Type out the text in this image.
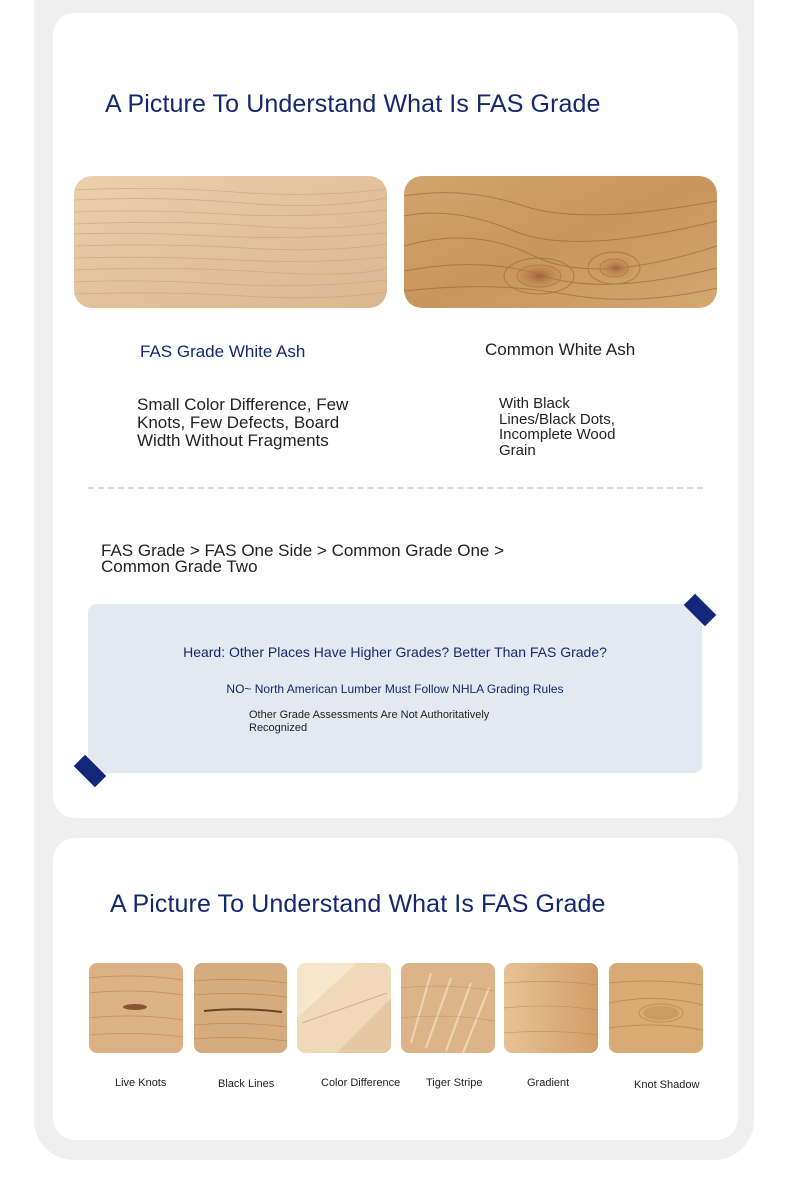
A Picture To Understand What Is FAS Grade
FAS Grade White Ash	Common White Ash
Small Color Difference, Few Knots, Few Defects, Board Width Without Fragments
With Black Lines/Black Dots, Incomplete Wood Grain
FAS Grade > FAS One Side > Common Grade One > Common Grade Two
Heard: Other Places Have Higher Grades? Better Than FAS Grade?
NO~ North American Lumber Must Follow NHLA Grading Rules
Other Grade Assessments Are Not Authoritatively Recognized
A Picture To Understand What Is FAS Grade
Live Knots	Black Lines	Color Difference Tiger Stripe	Gradient	Knot Shadow
